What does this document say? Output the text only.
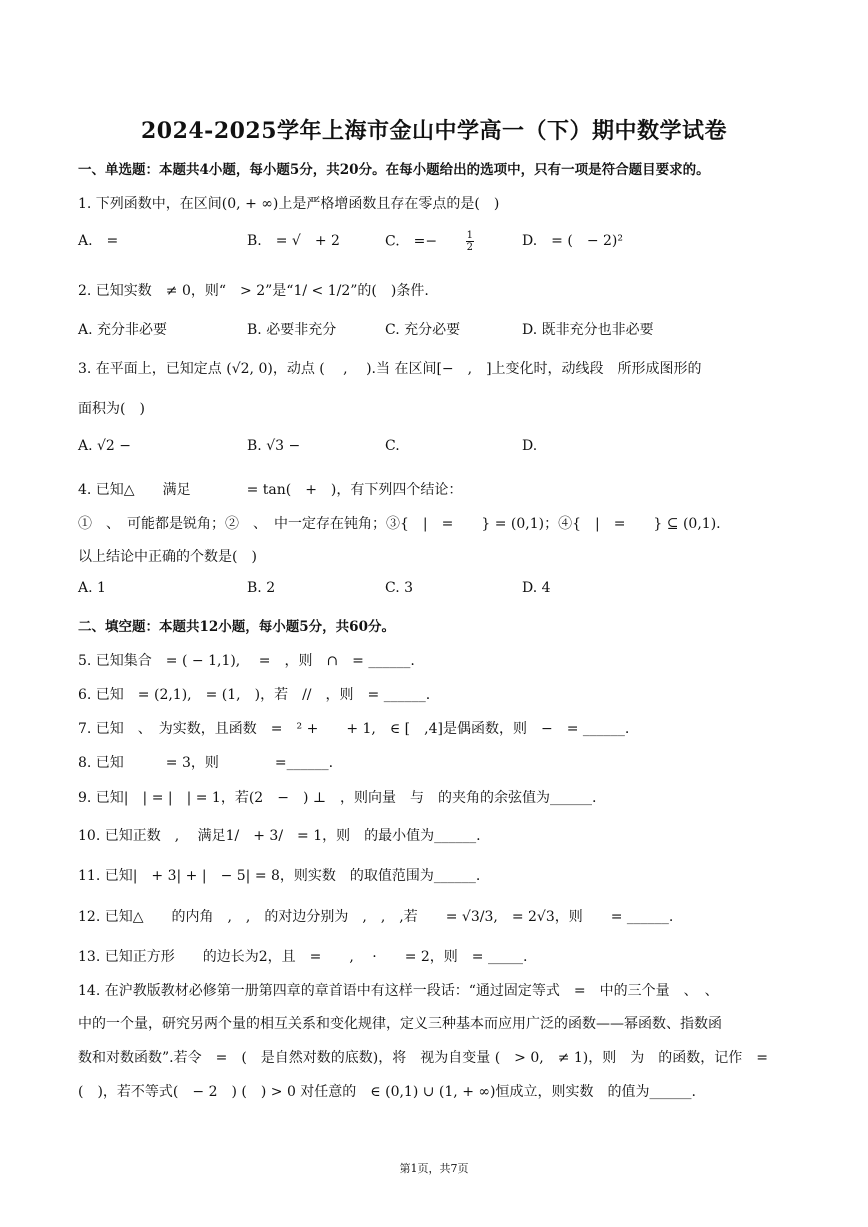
2024-2025学年上海市金山中学高一（下）期中数学试卷
一、单选题：本题共4小题，每小题5分，共20分。在每小题给出的选项中，只有一项是符合题目要求的。
1. 下列函数中，在区间(0, + ∞)上是严格增函数且存在零点的是(　)
A.　=	B.　= √　+ 2	C.　=−	$\frac{1}{2}$	D.　= (　− 2)²
2. 已知实数　≠ 0，则“　> 2”是“1/ < 1/2”的(　)条件.
A. 充分非必要	B. 必要非充分	C. 充分必要	D. 既非充分也非必要
3. 在平面上，已知定点 (√2, 0)，动点 (　 ,　 ).当 在区间[−　,　]上变化时，动线段　所形成图形的
面积为(　)
A. √2 −	B. √3 −	C.	D.
4. 已知△　　满足　　　　= tan(　+　)，有下列四个结论：
①　、　可能都是锐角；②　、　中一定存在钝角；③{　|　=　　} = (0,1)；④{　|　=　　} ⊆ (0,1).
以上结论中正确的个数是(　)
A. 1	B. 2	C. 3	D. 4
二、填空题：本题共12小题，每小题5分，共60分。
5. 已知集合　= ( − 1,1),　 =　，则　∩　= ______.
6. 已知　= (2,1),　= (1,　)，若　//　，则　= ______.
7. 已知　、　为实数，且函数　=　² +　　+ 1,　∈ [　,4]是偶函数，则　−　= ______.
8. 已知　　　= 3，则　　　　=______.
9. 已知|　| = |　| = 1，若(2　−　) ⊥　，则向量　与　的夹角的余弦值为______.
10. 已知正数　,　 满足1/　+ 3/　= 1，则　的最小值为______.
11. 已知|　+ 3| + |　− 5| = 8，则实数　的取值范围为______.
12. 已知△　　的内角　,　,　的对边分别为　,　,　,若　　= √3/3,　= 2√3，则　　= ______.
13. 已知正方形　　的边长为2，且　=　　,　 ·　　= 2，则　= _____.
14. 在沪教版教材必修第一册第四章的章首语中有这样一段话：“通过固定等式　=　中的三个量　、　、
中的一个量，研究另两个量的相互关系和变化规律，定义三种基本而应用广泛的函数——幂函数、指数函
数和对数函数”.若令　=　(　是自然对数的底数)，将　视为自变量 (　> 0,　≠ 1)，则　为　的函数，记作　=
(　)，若不等式(　− 2　) (　) > 0 对任意的　∈ (0,1) ∪ (1, + ∞)恒成立，则实数　的值为______.
第1页，共7页
